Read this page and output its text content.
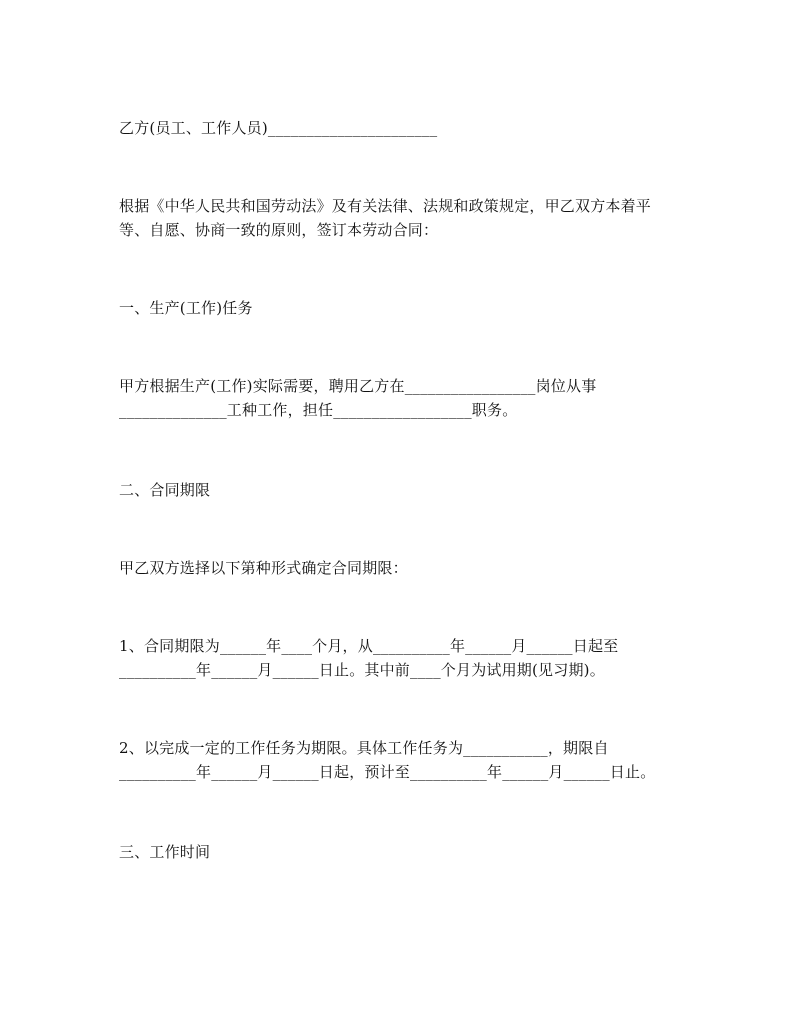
乙方(员工、工作人员)______________________
根据《中华人民共和国劳动法》及有关法律、法规和政策规定，甲乙双方本着平
等、自愿、协商一致的原则，签订本劳动合同：
一、生产(工作)任务
甲方根据生产(工作)实际需要，聘用乙方在_________________岗位从事
______________工种工作，担任__________________职务。
二、合同期限
甲乙双方选择以下第种形式确定合同期限：
1、合同期限为______年____个月，从__________年______月______日起至
__________年______月______日止。其中前____个月为试用期(见习期)。
2、以完成一定的工作任务为期限。具体工作任务为___________，期限自
__________年______月______日起，预计至__________年______月______日止。
三、工作时间
